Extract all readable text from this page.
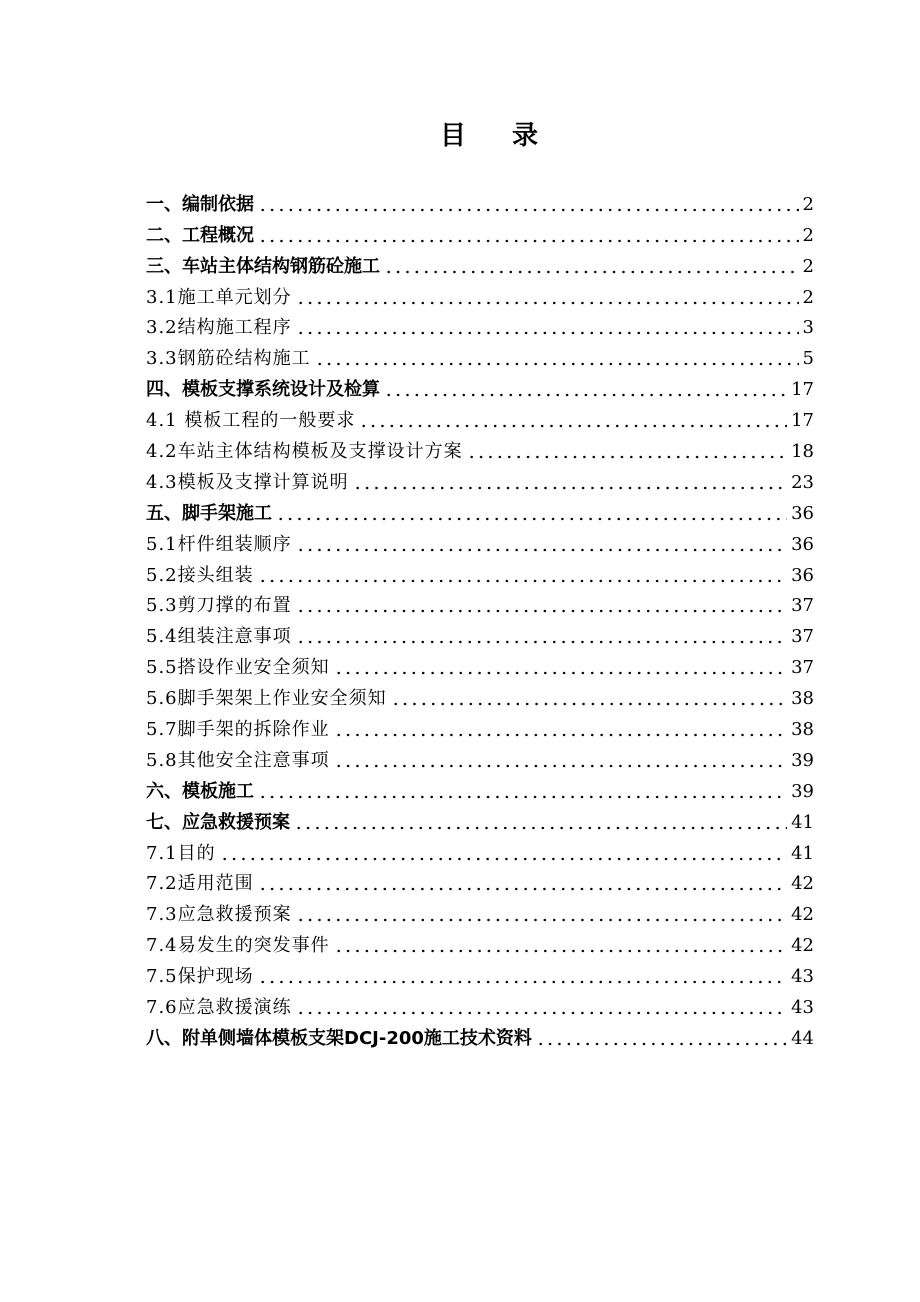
目 录
一、编制依据	2
二、工程概况	2
三、车站主体结构钢筋砼施工	2
3.1施工单元划分	2
3.2结构施工程序	3
3.3钢筋砼结构施工	5
四、模板支撑系统设计及检算	17
4.1 模板工程的一般要求	17
4.2车站主体结构模板及支撑设计方案	18
4.3模板及支撑计算说明	23
五、脚手架施工	36
5.1杆件组装顺序	36
5.2接头组装	36
5.3剪刀撑的布置	37
5.4组装注意事项	37
5.5搭设作业安全须知	37
5.6脚手架架上作业安全须知	38
5.7脚手架的拆除作业	38
5.8其他安全注意事项	39
六、模板施工	39
七、应急救援预案	41
7.1目的	41
7.2适用范围	42
7.3应急救援预案	42
7.4易发生的突发事件	42
7.5保护现场	43
7.6应急救援演练	43
八、附单侧墙体模板支架DCJ-200施工技术资料	44
